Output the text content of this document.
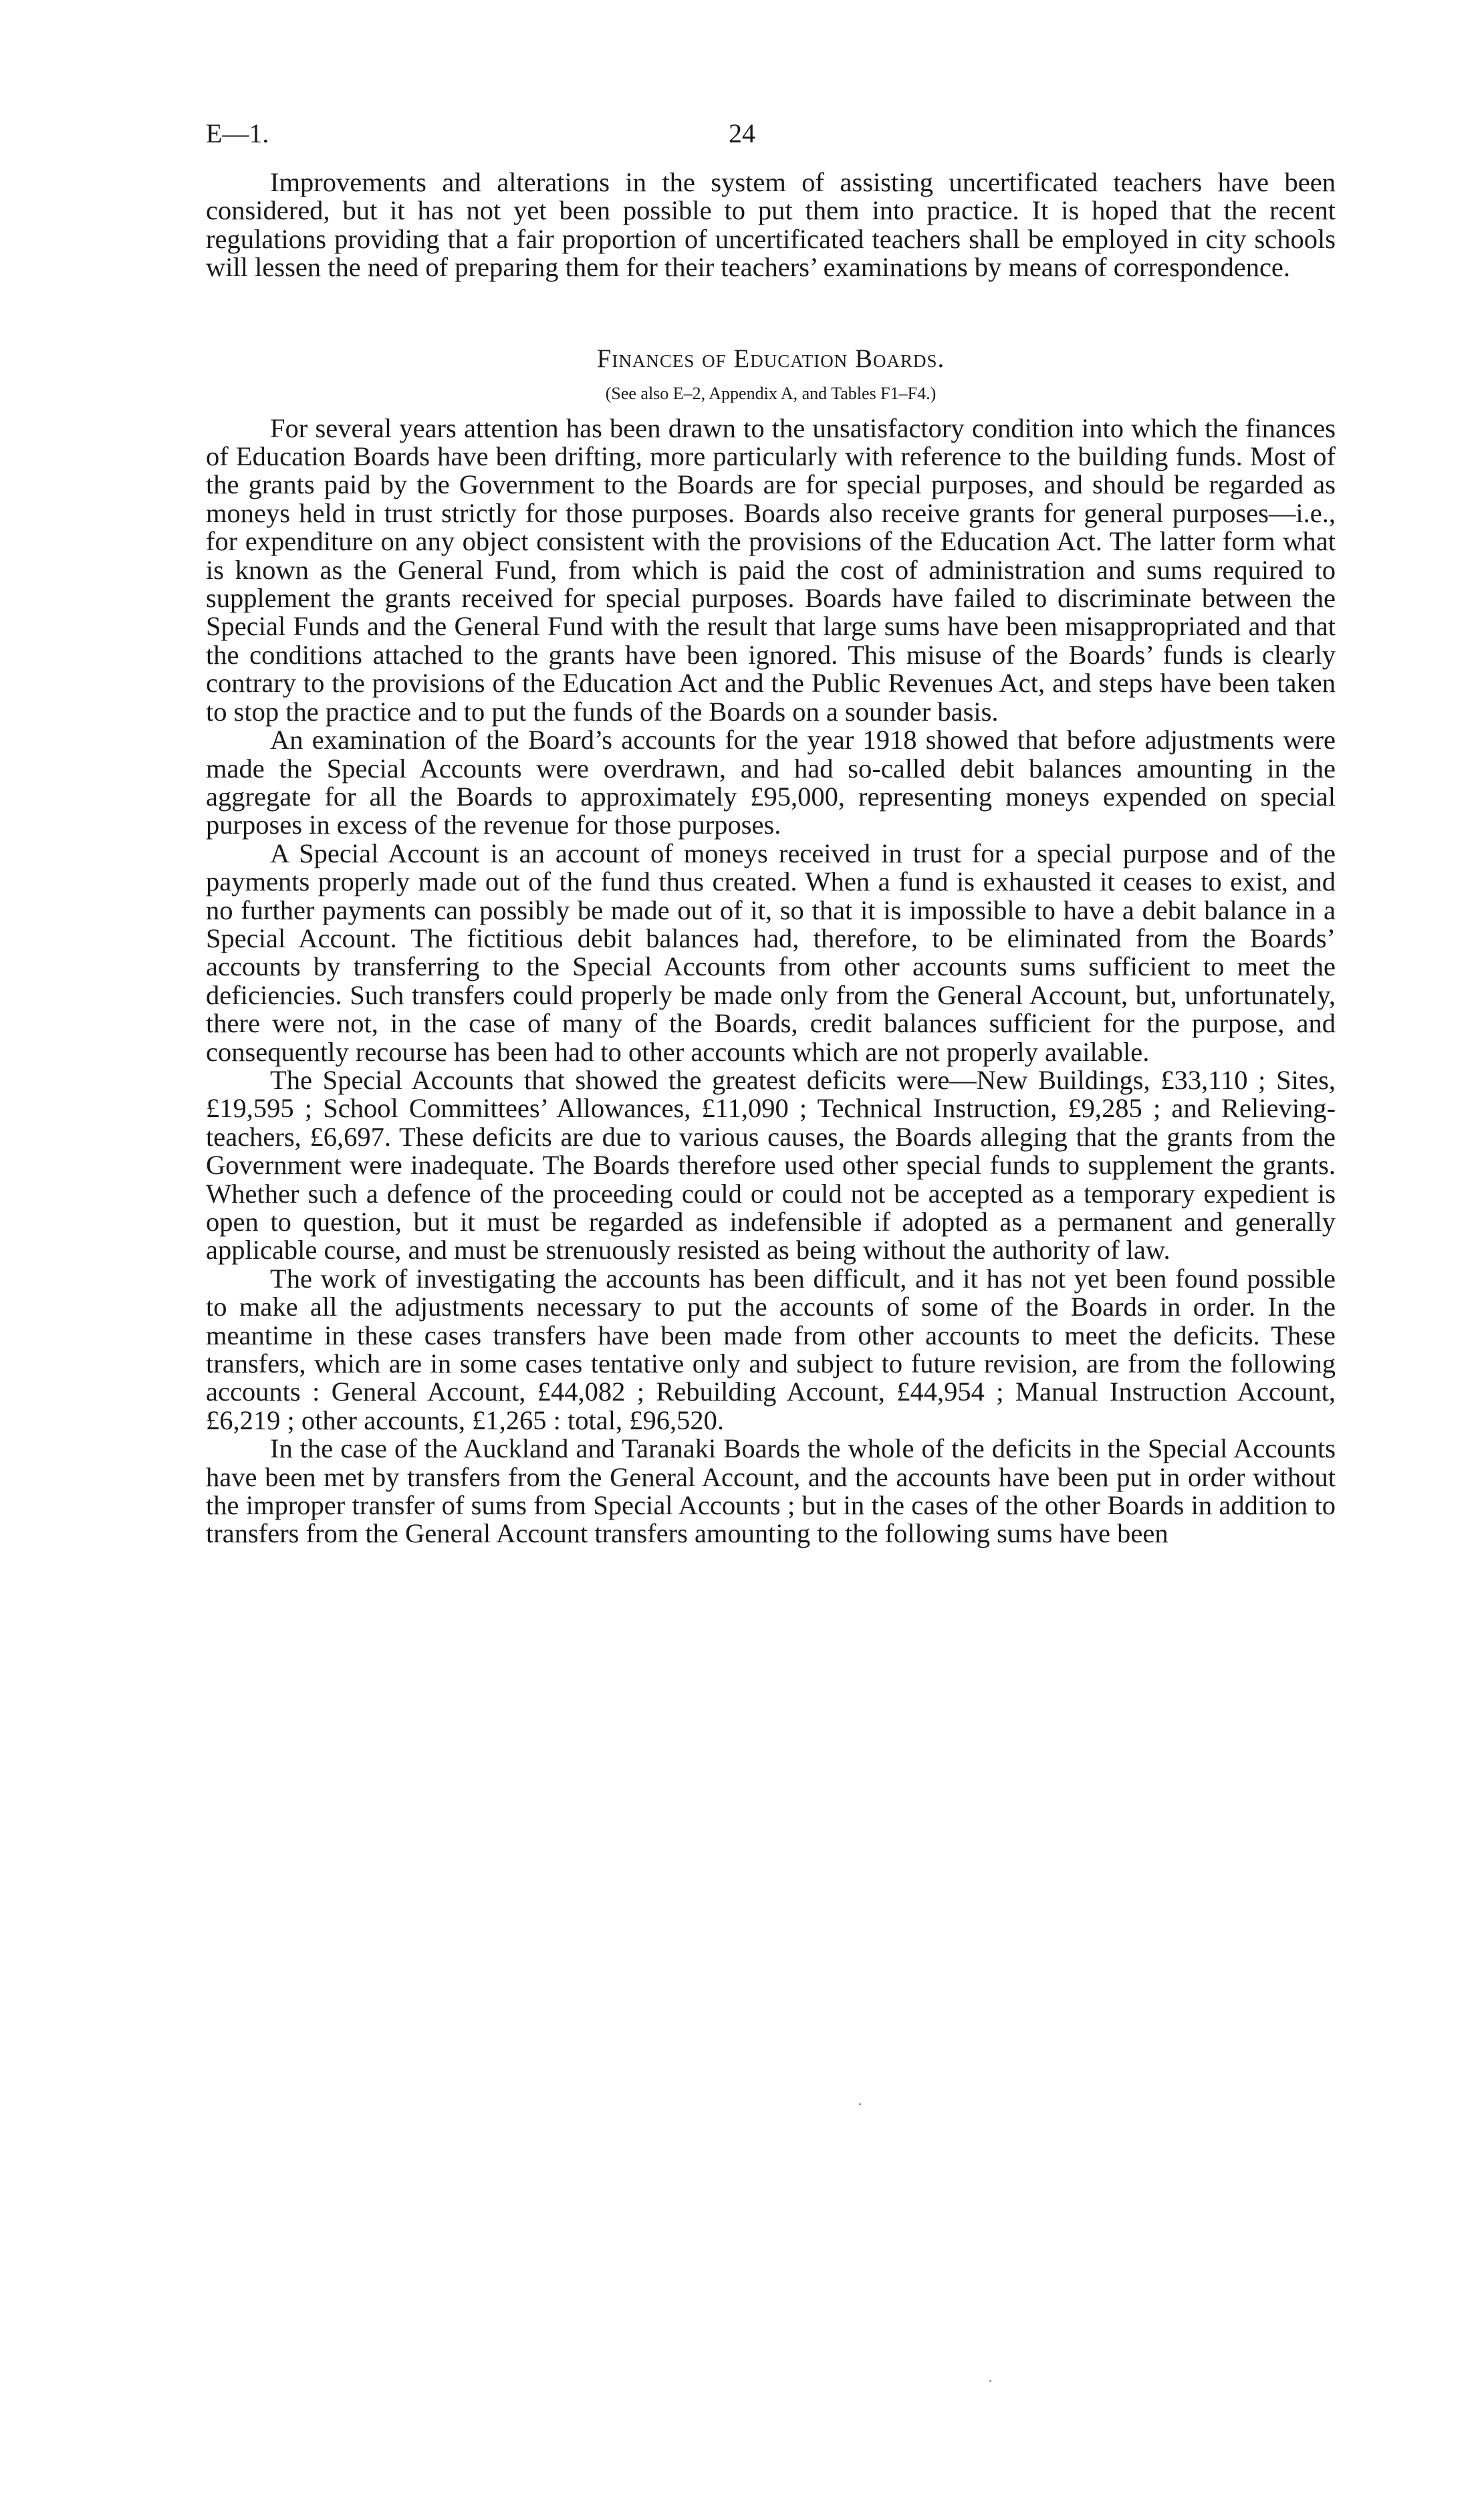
E—1.	24

Improvements and alterations in the system of assisting uncertificated teachers have been considered, but it has not yet been possible to put them into practice. It is hoped that the recent regulations providing that a fair proportion of uncertificated teachers shall be employed in city schools will lessen the need of preparing them for their teachers’ examinations by means of correspondence.

Finances of Education Boards.
(See also E–2, Appendix A, and Tables F1–F4.)

For several years attention has been drawn to the unsatisfactory condition into which the finances of Education Boards have been drifting, more particularly with reference to the building funds. Most of the grants paid by the Government to the Boards are for special purposes, and should be regarded as moneys held in trust strictly for those purposes. Boards also receive grants for general purposes—i.e., for expenditure on any object consistent with the provisions of the Education Act. The latter form what is known as the General Fund, from which is paid the cost of administration and sums required to supplement the grants received for special purposes. Boards have failed to discriminate between the Special Funds and the General Fund with the result that large sums have been misappropriated and that the conditions attached to the grants have been ignored. This misuse of the Boards’ funds is clearly contrary to the provisions of the Education Act and the Public Revenues Act, and steps have been taken to stop the practice and to put the funds of the Boards on a sounder basis.

An examination of the Board’s accounts for the year 1918 showed that before adjustments were made the Special Accounts were overdrawn, and had so-called debit balances amounting in the aggregate for all the Boards to approximately £95,000, representing moneys expended on special purposes in excess of the revenue for those purposes.

A Special Account is an account of moneys received in trust for a special purpose and of the payments properly made out of the fund thus created. When a fund is exhausted it ceases to exist, and no further payments can possibly be made out of it, so that it is impossible to have a debit balance in a Special Account. The fictitious debit balances had, therefore, to be eliminated from the Boards’ accounts by transferring to the Special Accounts from other accounts sums sufficient to meet the deficiencies. Such transfers could properly be made only from the General Account, but, unfortunately, there were not, in the case of many of the Boards, credit balances sufficient for the purpose, and consequently recourse has been had to other accounts which are not properly available.

The Special Accounts that showed the greatest deficits were—New Buildings, £33,110 ; Sites, £19,595 ; School Committees’ Allowances, £11,090 ; Technical Instruction, £9,285 ; and Relieving-teachers, £6,697. These deficits are due to various causes, the Boards alleging that the grants from the Government were inadequate. The Boards therefore used other special funds to supplement the grants. Whether such a defence of the proceeding could or could not be accepted as a temporary expedient is open to question, but it must be regarded as indefensible if adopted as a permanent and generally applicable course, and must be strenuously resisted as being without the authority of law.

The work of investigating the accounts has been difficult, and it has not yet been found possible to make all the adjustments necessary to put the accounts of some of the Boards in order. In the meantime in these cases transfers have been made from other accounts to meet the deficits. These transfers, which are in some cases tentative only and subject to future revision, are from the following accounts : General Account, £44,082 ; Rebuilding Account, £44,954 ; Manual Instruction Account, £6,219 ; other accounts, £1,265 : total, £96,520.

In the case of the Auckland and Taranaki Boards the whole of the deficits in the Special Accounts have been met by transfers from the General Account, and the accounts have been put in order without the improper transfer of sums from Special Accounts ; but in the cases of the other Boards in addition to transfers from the General Account transfers amounting to the following sums have been
